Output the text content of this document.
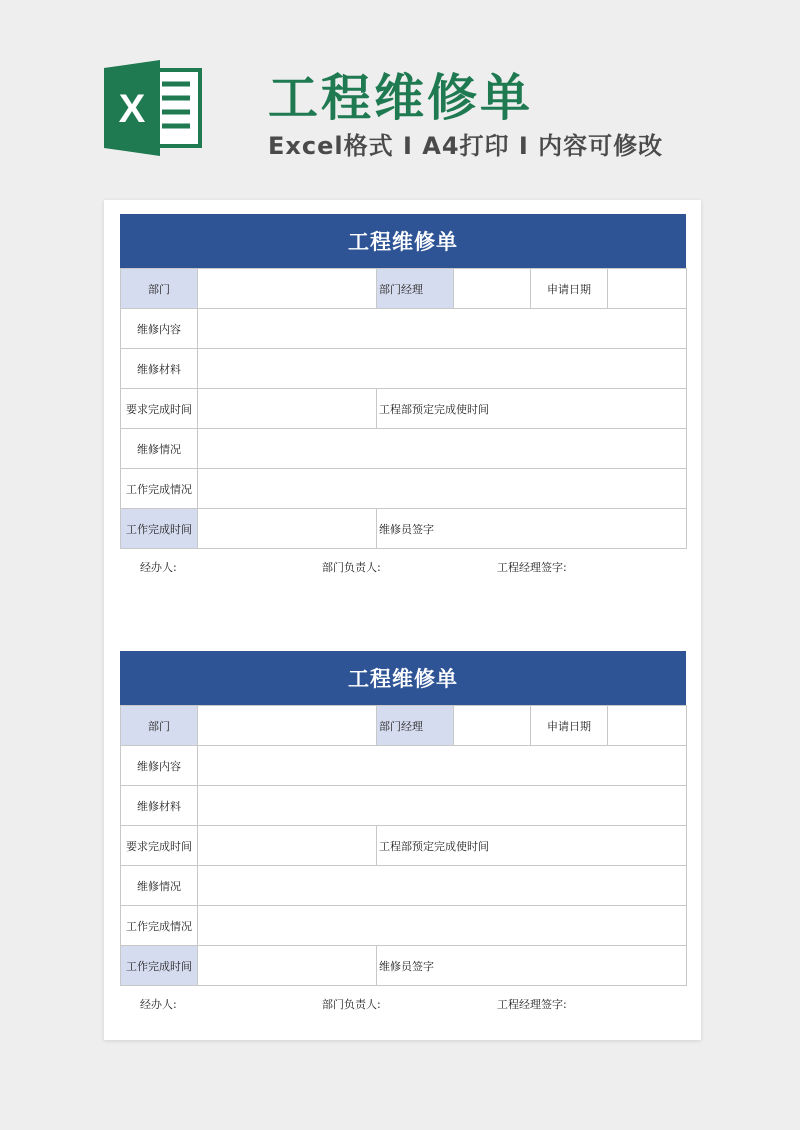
X 工程维修单
Excel格式 I A4打印 I 内容可修改
工程维修单
部门		部门经理		申请日期	
维修内容					
维修材料					
要求完成时间		工程部预定完成使时间			
维修情况					
工作完成情况					
工作完成时间		维修员签字			
经办人:	部门负责人:	工程经理签字:
工程维修单
部门		部门经理		申请日期	
维修内容					
维修材料					
要求完成时间		工程部预定完成使时间			
维修情况					
工作完成情况					
工作完成时间		维修员签字			
经办人:	部门负责人:	工程经理签字:
